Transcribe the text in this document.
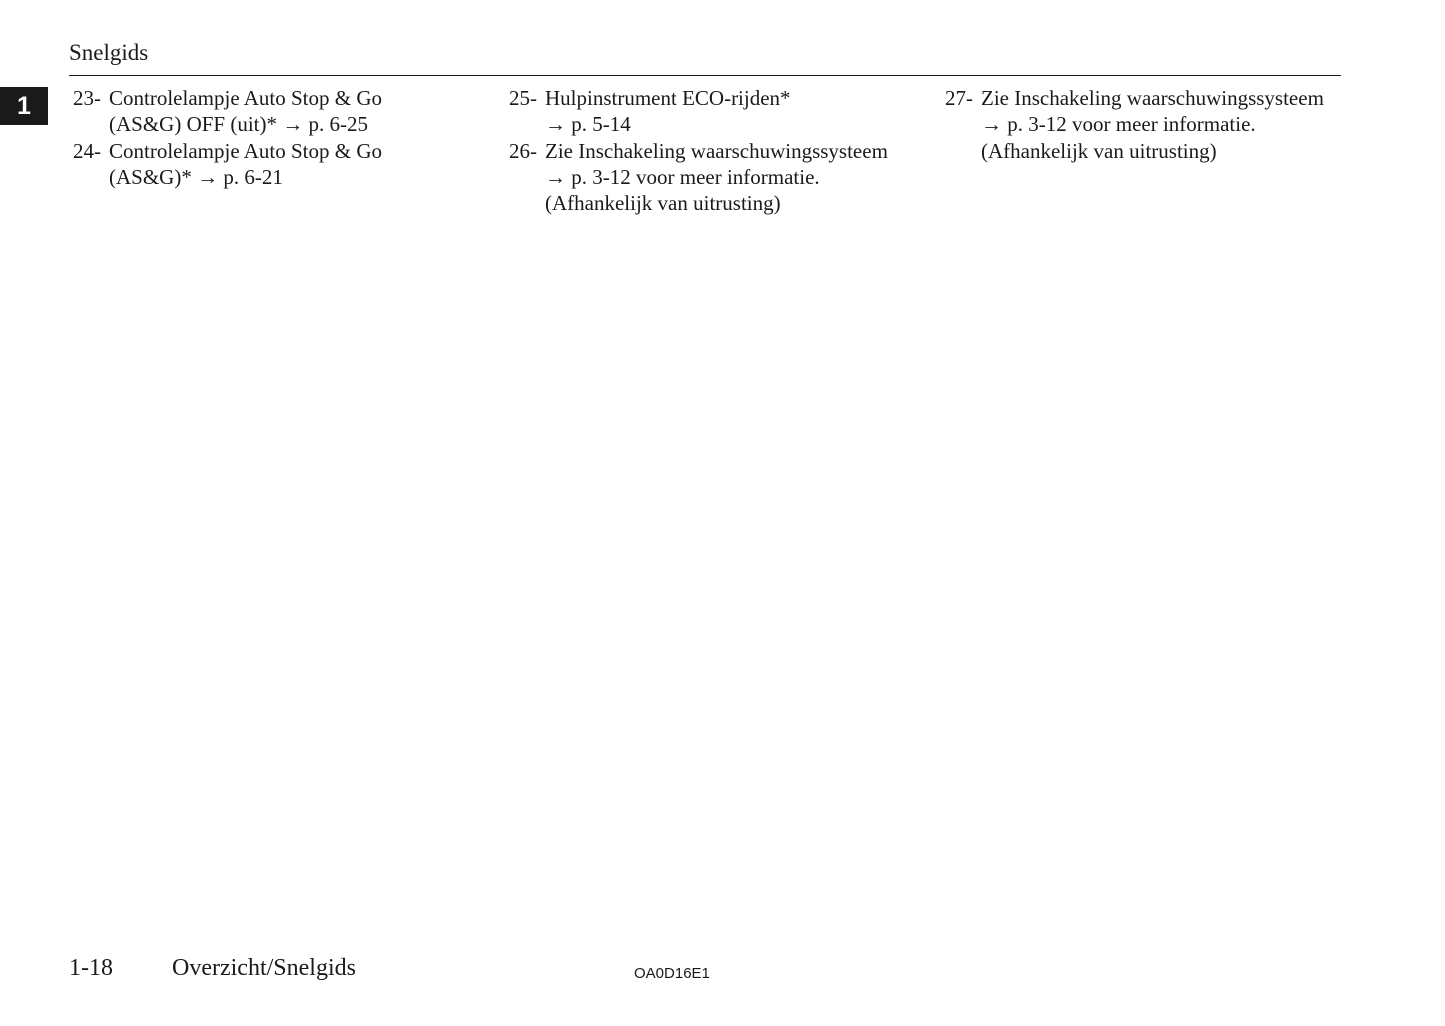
Snelgids
1	23- Controlelampje Auto Stop & Go
(AS&G) OFF (uit)* → p. 6-25
24- Controlelampje Auto Stop & Go
(AS&G)* → p. 6-21
25- Hulpinstrument ECO-rijden*
→ p. 5-14
26- Zie Inschakeling waarschuwingssysteem
→ p. 3-12 voor meer informatie.
(Afhankelijk van uitrusting)
27- Zie Inschakeling waarschuwingssysteem
→ p. 3-12 voor meer informatie.
(Afhankelijk van uitrusting)
1-18 Overzicht/Snelgids	OA0D16E1
